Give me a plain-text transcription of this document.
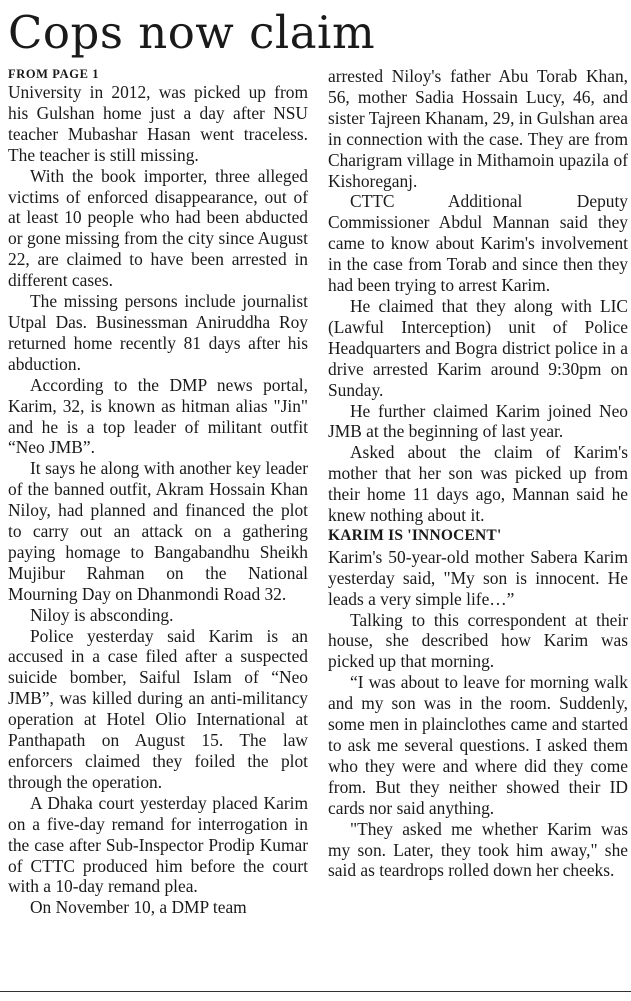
Cops now claim
FROM PAGE 1

University in 2012, was picked up from his Gulshan home just a day after NSU teacher Mubashar Hasan went traceless. The teacher is still missing.

With the book importer, three alleged victims of enforced disappearance, out of at least 10 people who had been abducted or gone missing from the city since August 22, are claimed to have been arrested in different cases.

The missing persons include journalist Utpal Das. Businessman Aniruddha Roy returned home recently 81 days after his abduction.

According to the DMP news portal, Karim, 32, is known as hitman alias "Jin" and he is a top leader of militant outfit “Neo JMB”.

It says he along with another key leader of the banned outfit, Akram Hossain Khan Niloy, had planned and financed the plot to carry out an attack on a gathering paying homage to Bangabandhu Sheikh Mujibur Rahman on the National Mourning Day on Dhanmondi Road 32.

Niloy is absconding.

Police yesterday said Karim is an accused in a case filed after a suspected suicide bomber, Saiful Islam of “Neo JMB”, was killed during an anti-militancy operation at Hotel Olio International at Panthapath on August 15. The law enforcers claimed they foiled the plot through the operation.

A Dhaka court yesterday placed Karim on a five-day remand for interrogation in the case after Sub-Inspector Prodip Kumar of CTTC produced him before the court with a 10-day remand plea.

On November 10, a DMP team

arrested Niloy's father Abu Torab Khan, 56, mother Sadia Hossain Lucy, 46, and sister Tajreen Khanam, 29, in Gulshan area in connection with the case. They are from Charigram village in Mithamoin upazila of Kishoreganj.

CTTC Additional Deputy Commissioner Abdul Mannan said they came to know about Karim's involvement in the case from Torab and since then they had been trying to arrest Karim.

He claimed that they along with LIC (Lawful Interception) unit of Police Headquarters and Bogra district police in a drive arrested Karim around 9:30pm on Sunday.

He further claimed Karim joined Neo JMB at the beginning of last year.

Asked about the claim of Karim's mother that her son was picked up from their home 11 days ago, Mannan said he knew nothing about it.

KARIM IS 'INNOCENT'

Karim's 50-year-old mother Sabera Karim yesterday said, "My son is innocent. He leads a very simple life…”

Talking to this correspondent at their house, she described how Karim was picked up that morning.

“I was about to leave for morning walk and my son was in the room. Suddenly, some men in plainclothes came and started to ask me several questions. I asked them who they were and where did they come from. But they neither showed their ID cards nor said anything.

"They asked me whether Karim was my son. Later, they took him away," she said as teardrops rolled down her cheeks.
